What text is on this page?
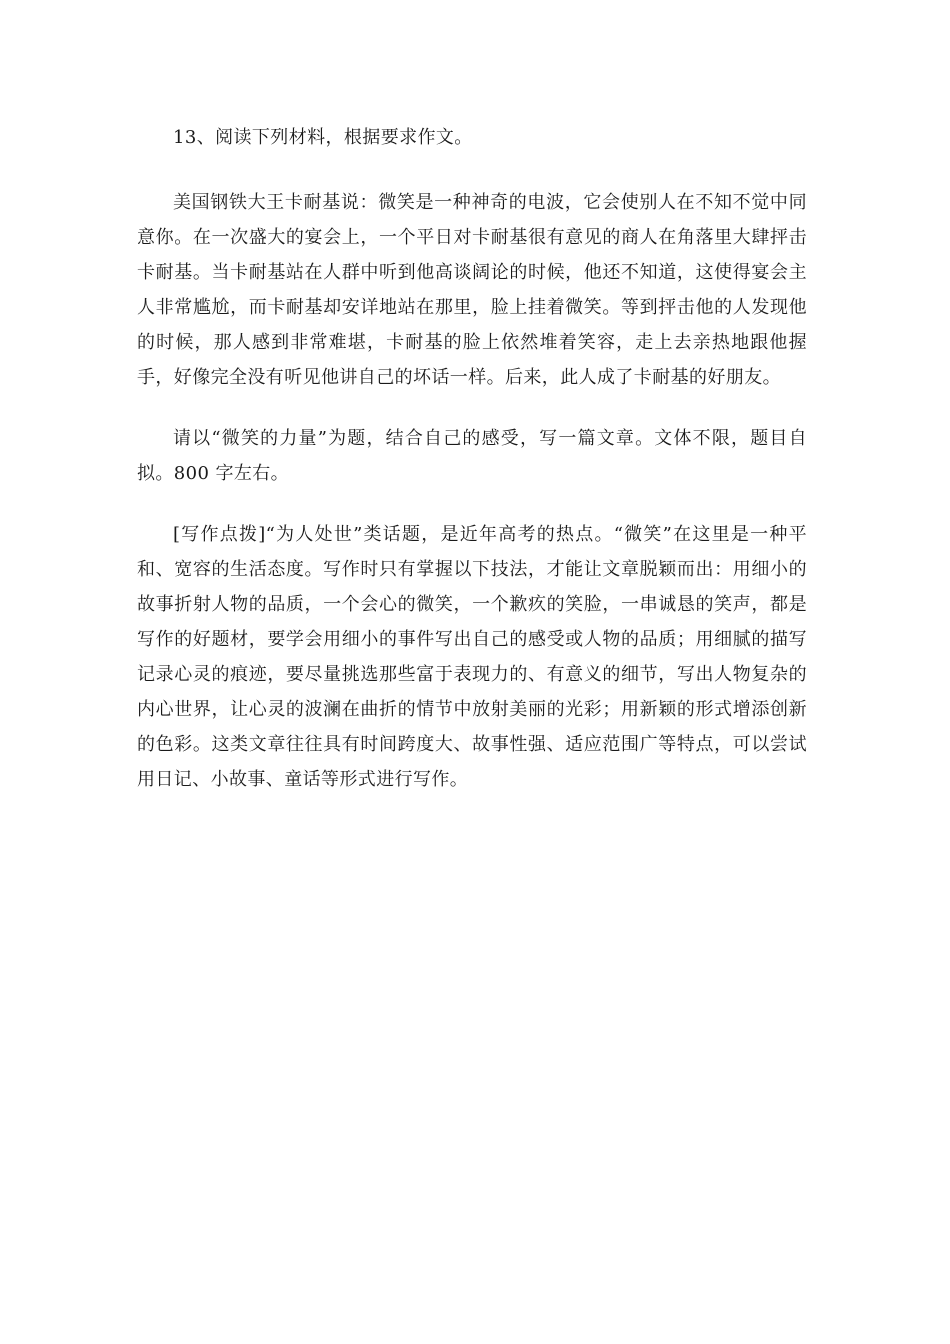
13、阅读下列材料，根据要求作文。

美国钢铁大王卡耐基说：微笑是一种神奇的电波，它会使别人在不知不觉中同意你。在一次盛大的宴会上，一个平日对卡耐基很有意见的商人在角落里大肆抨击卡耐基。当卡耐基站在人群中听到他高谈阔论的时候，他还不知道，这使得宴会主人非常尴尬，而卡耐基却安详地站在那里，脸上挂着微笑。等到抨击他的人发现他的时候，那人感到非常难堪，卡耐基的脸上依然堆着笑容，走上去亲热地跟他握手，好像完全没有听见他讲自己的坏话一样。后来，此人成了卡耐基的好朋友。

请以“微笑的力量”为题，结合自己的感受，写一篇文章。文体不限，题目自拟。800 字左右。

[写作点拨]“为人处世”类话题，是近年高考的热点。“微笑”在这里是一种平和、宽容的生活态度。写作时只有掌握以下技法，才能让文章脱颖而出：用细小的故事折射人物的品质，一个会心的微笑，一个歉疚的笑脸，一串诚恳的笑声，都是写作的好题材，要学会用细小的事件写出自己的感受或人物的品质；用细腻的描写记录心灵的痕迹，要尽量挑选那些富于表现力的、有意义的细节，写出人物复杂的内心世界，让心灵的波澜在曲折的情节中放射美丽的光彩；用新颖的形式增添创新的色彩。这类文章往往具有时间跨度大、故事性强、适应范围广等特点，可以尝试用日记、小故事、童话等形式进行写作。
